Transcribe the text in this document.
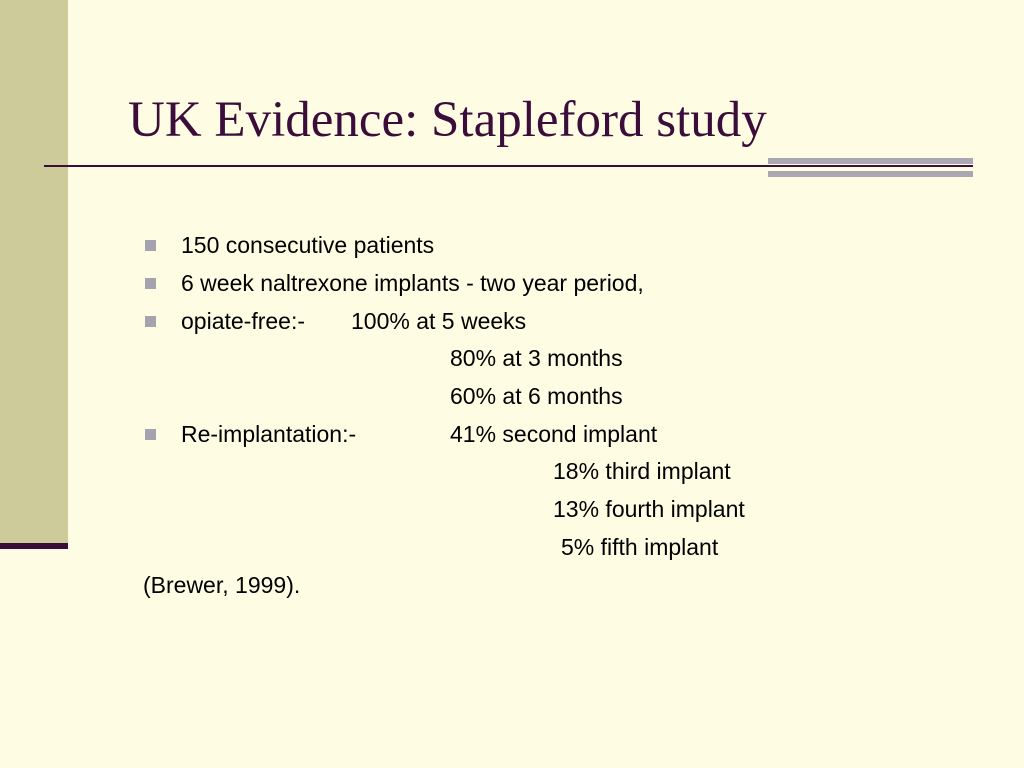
UK Evidence: Stapleford study
150 consecutive patients
6 week naltrexone implants - two year period,
opiate-free:- 100% at 5 weeks
80% at 3 months
60% at 6 months
Re-implantation:-	41% second implant
18% third implant
13% fourth implant
5% fifth implant
(Brewer, 1999).
